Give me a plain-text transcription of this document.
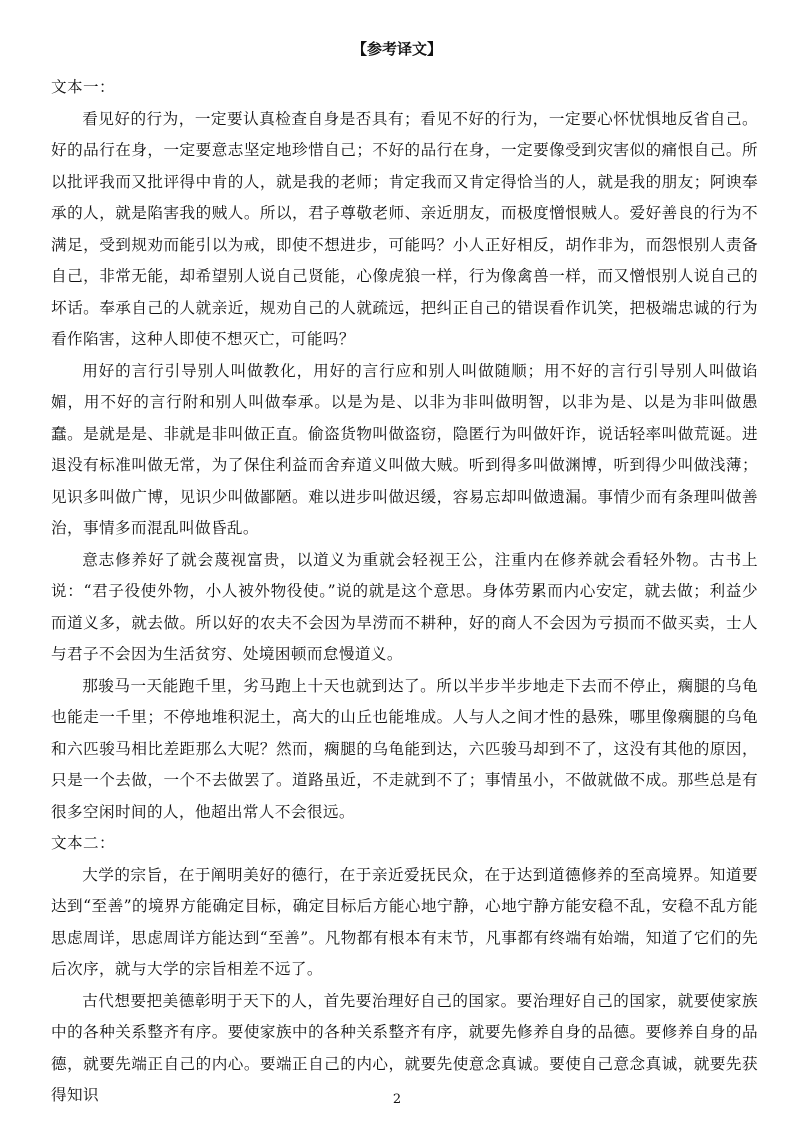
【参考译文】

文本一：

看见好的行为，一定要认真检查自身是否具有；看见不好的行为，一定要心怀忧惧地反省自己。好的品行在身，一定要意志坚定地珍惜自己；不好的品行在身，一定要像受到灾害似的痛恨自己。所以批评我而又批评得中肯的人，就是我的老师；肯定我而又肯定得恰当的人，就是我的朋友；阿谀奉承的人，就是陷害我的贼人。所以，君子尊敬老师、亲近朋友，而极度憎恨贼人。爱好善良的行为不满足，受到规劝而能引以为戒，即使不想进步，可能吗？小人正好相反，胡作非为，而怨恨别人责备自己，非常无能，却希望别人说自己贤能，心像虎狼一样，行为像禽兽一样，而又憎恨别人说自己的坏话。奉承自己的人就亲近，规劝自己的人就疏远，把纠正自己的错误看作讥笑，把极端忠诚的行为看作陷害，这种人即使不想灭亡，可能吗？

用好的言行引导别人叫做教化，用好的言行应和别人叫做随顺；用不好的言行引导别人叫做谄媚，用不好的言行附和别人叫做奉承。以是为是、以非为非叫做明智，以非为是、以是为非叫做愚蠢。是就是是、非就是非叫做正直。偷盗货物叫做盗窃，隐匿行为叫做奸诈，说话轻率叫做荒诞。进退没有标准叫做无常，为了保住利益而舍弃道义叫做大贼。听到得多叫做渊博，听到得少叫做浅薄；见识多叫做广博，见识少叫做鄙陋。难以进步叫做迟缓，容易忘却叫做遗漏。事情少而有条理叫做善治，事情多而混乱叫做昏乱。

意志修养好了就会蔑视富贵，以道义为重就会轻视王公，注重内在修养就会看轻外物。古书上说：“君子役使外物，小人被外物役使。”说的就是这个意思。身体劳累而内心安定，就去做；利益少而道义多，就去做。所以好的农夫不会因为旱涝而不耕种，好的商人不会因为亏损而不做买卖，士人与君子不会因为生活贫穷、处境困顿而怠慢道义。

那骏马一天能跑千里，劣马跑上十天也就到达了。所以半步半步地走下去而不停止，瘸腿的乌龟也能走一千里；不停地堆积泥土，高大的山丘也能堆成。人与人之间才性的悬殊，哪里像瘸腿的乌龟和六匹骏马相比差距那么大呢？然而，瘸腿的乌龟能到达，六匹骏马却到不了，这没有其他的原因，只是一个去做，一个不去做罢了。道路虽近，不走就到不了；事情虽小，不做就做不成。那些总是有很多空闲时间的人，他超出常人不会很远。

文本二：

大学的宗旨，在于阐明美好的德行，在于亲近爱抚民众，在于达到道德修养的至高境界。知道要达到“至善”的境界方能确定目标，确定目标后方能心地宁静，心地宁静方能安稳不乱，安稳不乱方能思虑周详，思虑周详方能达到“至善”。凡物都有根本有末节，凡事都有终端有始端，知道了它们的先后次序，就与大学的宗旨相差不远了。

古代想要把美德彰明于天下的人，首先要治理好自己的国家。要治理好自己的国家，就要使家族中的各种关系整齐有序。要使家族中的各种关系整齐有序，就要先修养自身的品德。要修养自身的品德，就要先端正自己的内心。要端正自己的内心，就要先使意念真诚。要使自己意念真诚，就要先获得知识	2
